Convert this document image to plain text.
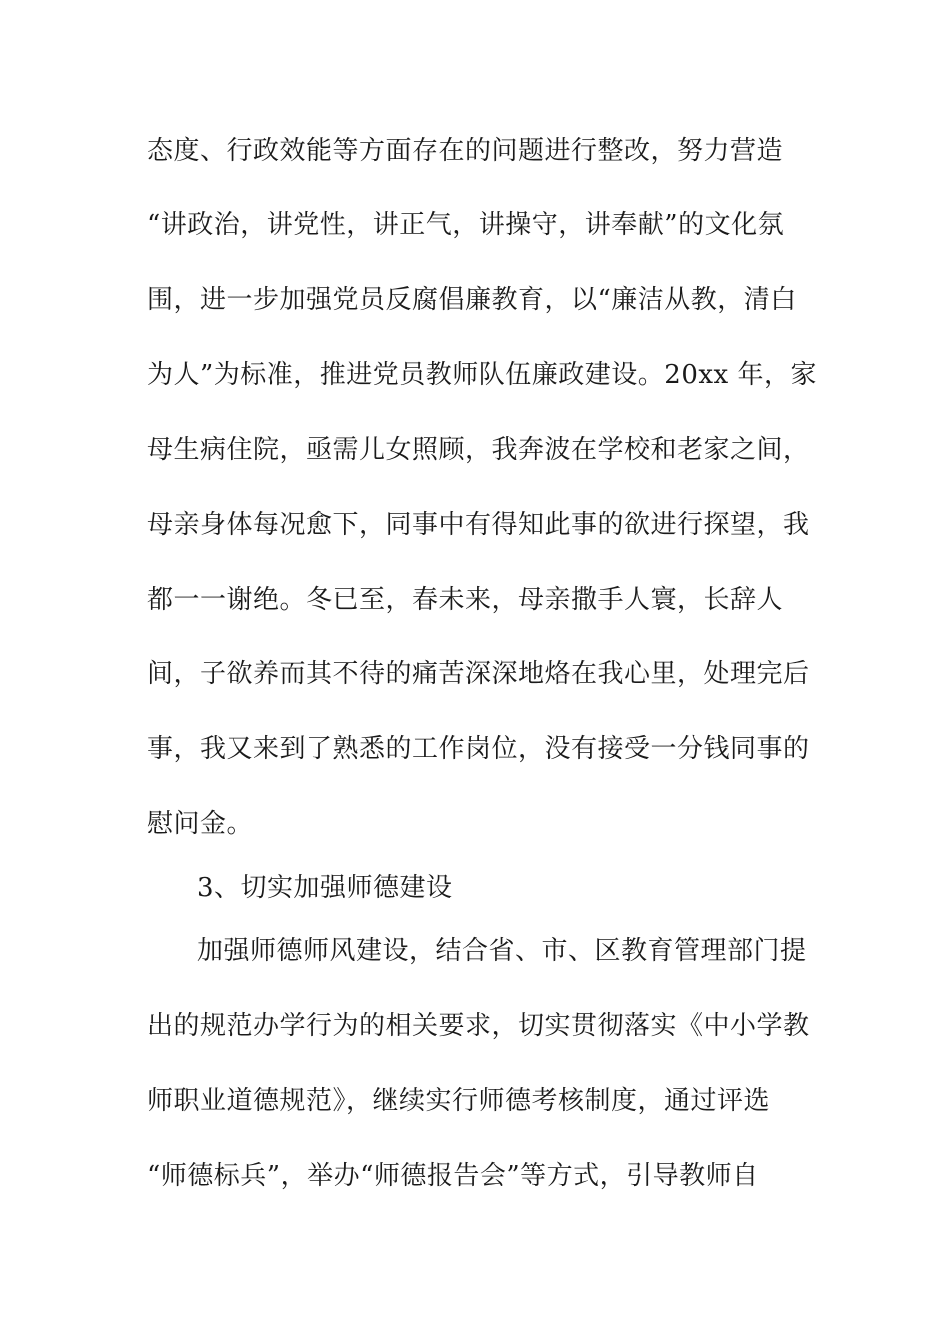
态度、行政效能等方面存在的问题进行整改，努力营造
“讲政治，讲党性，讲正气，讲操守，讲奉献”的文化氛
围，进一步加强党员反腐倡廉教育，以“廉洁从教，清白
为人”为标准，推进党员教师队伍廉政建设。20xx 年，家
母生病住院，亟需儿女照顾，我奔波在学校和老家之间，
母亲身体每况愈下，同事中有得知此事的欲进行探望，我
都一一谢绝。冬已至，春未来，母亲撒手人寰，长辞人
间，子欲养而其不待的痛苦深深地烙在我心里，处理完后
事，我又来到了熟悉的工作岗位，没有接受一分钱同事的
慰问金。
3、切实加强师德建设
加强师德师风建设，结合省、市、区教育管理部门提
出的规范办学行为的相关要求，切实贯彻落实《中小学教
师职业道德规范》，继续实行师德考核制度，通过评选
“师德标兵”，举办“师德报告会”等方式，引导教师自
